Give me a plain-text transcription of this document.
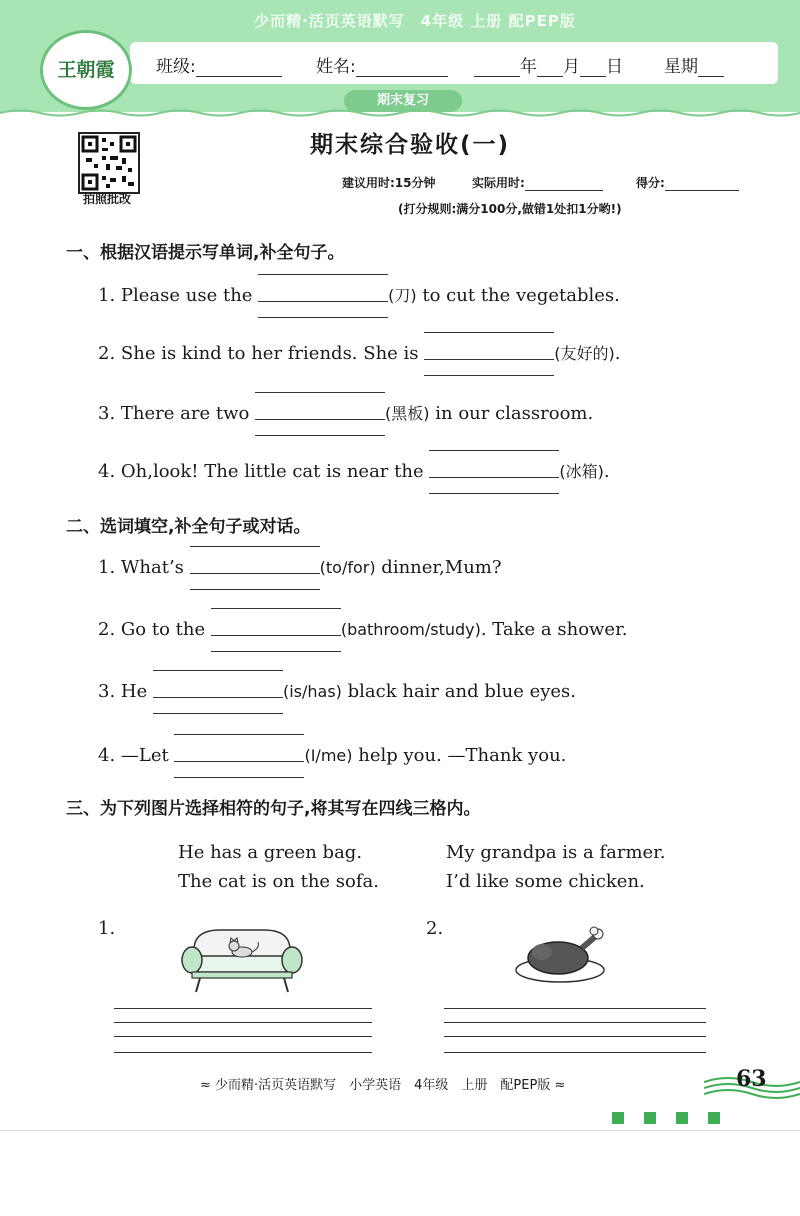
少而精·活页英语默写　4年级 上册 配PEP版
班级:	姓名:	年 月 日 星期
王朝霞
期末复习
拍照批改
期末综合验收(一)
建议用时:15分钟	实际用时:	得分:
(打分规则:满分100分,做错1处扣1分哟!)
一、根据汉语提示写单词,补全句子。
1. Please use the	(刀) to cut the vegetables.
2. She is kind to her friends. She is	(友好的).
3. There are two	(黑板) in our classroom.
4. Oh,look! The little cat is near the	(冰箱).
二、选词填空,补全句子或对话。
1. What’s	(to/for) dinner,Mum?
2. Go to the	(bathroom/study). Take a shower.
3. He	(is/has) black hair and blue eyes.
4. —Let	(I/me) help you. —Thank you.
三、为下列图片选择相符的句子,将其写在四线三格内。
He has a green bag.	My grandpa is a farmer.
The cat is on the sofa.	I’d like some chicken.
1.	2.
≈ 少而精·活页英语默写　小学英语　4年级　上册　配PEP版 ≈	63
